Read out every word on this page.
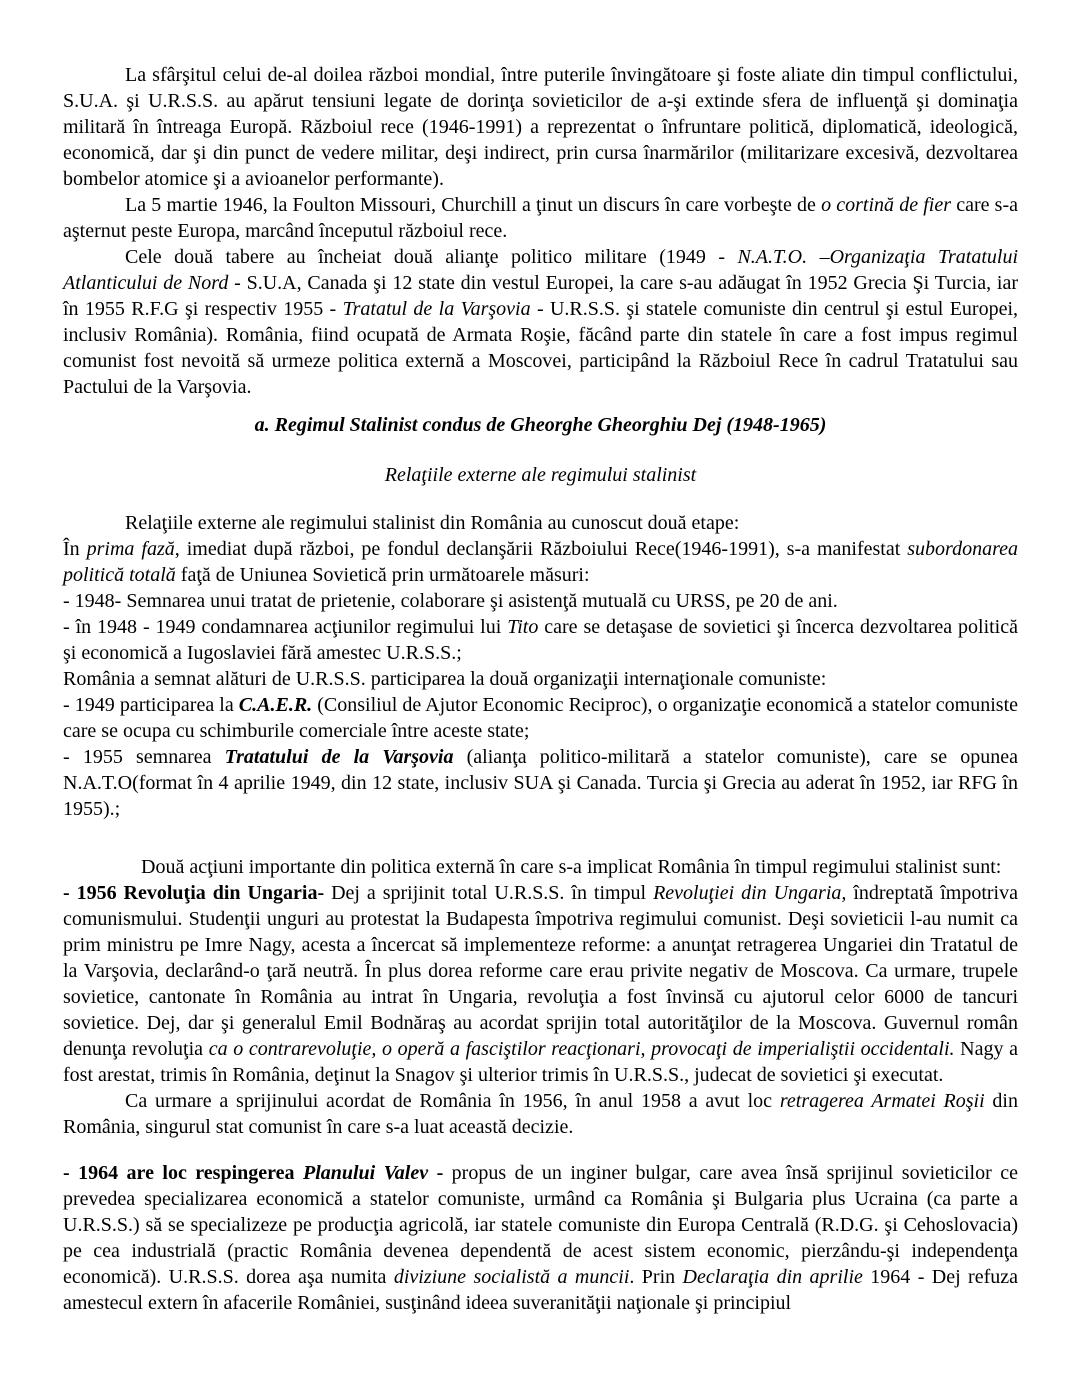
La sfârşitul celui de-al doilea război mondial, între puterile învingătoare şi foste aliate din timpul conflictului, S.U.A. şi U.R.S.S. au apărut tensiuni legate de dorinţa sovieticilor de a-şi extinde sfera de influenţă şi dominaţia militară în întreaga Europă. Războiul rece (1946-1991) a reprezentat o înfruntare politică, diplomatică, ideologică, economică, dar şi din punct de vedere militar, deşi indirect, prin cursa înarmărilor (militarizare excesivă, dezvoltarea bombelor atomice şi a avioanelor performante).

La 5 martie 1946, la Foulton Missouri, Churchill a ţinut un discurs în care vorbeşte de o cortină de fier care s-a aşternut peste Europa, marcând începutul războiul rece.

Cele două tabere au încheiat două alianţe politico militare (1949 - N.A.T.O. –Organizaţia Tratatului Atlanticului de Nord - S.U.A, Canada şi 12 state din vestul Europei, la care s-au adăugat în 1952 Grecia Şi Turcia, iar în 1955 R.F.G şi respectiv 1955 - Tratatul de la Varşovia - U.R.S.S. şi statele comuniste din centrul şi estul Europei, inclusiv România). România, fiind ocupată de Armata Roşie, făcând parte din statele în care a fost impus regimul comunist fost nevoită să urmeze politica externă a Moscovei, participând la Războiul Rece în cadrul Tratatului sau Pactului de la Varşovia.

a. Regimul Stalinist condus de Gheorghe Gheorghiu Dej (1948-1965)

Relaţiile externe ale regimului stalinist

Relaţiile externe ale regimului stalinist din România au cunoscut două etape:

În prima fază, imediat după război, pe fondul declanşării Războiului Rece(1946-1991), s-a manifestat subordonarea politică totală faţă de Uniunea Sovietică prin următoarele măsuri:

- 1948- Semnarea unui tratat de prietenie, colaborare şi asistenţă mutuală cu URSS, pe 20 de ani.

- în 1948 - 1949 condamnarea acţiunilor regimului lui Tito care se detaşase de sovietici şi încerca dezvoltarea politică şi economică a Iugoslaviei fără amestec U.R.S.S.;

România a semnat alături de U.R.S.S. participarea la două organizaţii internaţionale comuniste:

- 1949 participarea la C.A.E.R. (Consiliul de Ajutor Economic Reciproc), o organizaţie economică a statelor comuniste care se ocupa cu schimburile comerciale între aceste state;

- 1955 semnarea Tratatului de la Varşovia (alianţa politico-militară a statelor comuniste), care se opunea N.A.T.O(format în 4 aprilie 1949, din 12 state, inclusiv SUA şi Canada. Turcia şi Grecia au aderat în 1952, iar RFG în 1955).;

Două acţiuni importante din politica externă în care s-a implicat România în timpul regimului stalinist sunt:

- 1956 Revoluţia din Ungaria- Dej a sprijinit total U.R.S.S. în timpul Revoluţiei din Ungaria, îndreptată împotriva comunismului. Studenţii unguri au protestat la Budapesta împotriva regimului comunist. Deşi sovieticii l-au numit ca prim ministru pe Imre Nagy, acesta a încercat să implementeze reforme: a anunţat retragerea Ungariei din Tratatul de la Varşovia, declarând-o ţară neutră. În plus dorea reforme care erau privite negativ de Moscova. Ca urmare, trupele sovietice, cantonate în România au intrat în Ungaria, revoluţia a fost învinsă cu ajutorul celor 6000 de tancuri sovietice. Dej, dar şi generalul Emil Bodnăraş au acordat sprijin total autorităţilor de la Moscova. Guvernul român denunţa revoluţia ca o contrarevoluţie, o operă a fasciştilor reacţionari, provocaţi de imperialiştii occidentali. Nagy a fost arestat, trimis în România, deţinut la Snagov şi ulterior trimis în U.R.S.S., judecat de sovietici şi executat.

Ca urmare a sprijinului acordat de România în 1956, în anul 1958 a avut loc retragerea Armatei Roşii din România, singurul stat comunist în care s-a luat această decizie.

- 1964 are loc respingerea Planului Valev - propus de un inginer bulgar, care avea însă sprijinul sovieticilor ce prevedea specializarea economică a statelor comuniste, urmând ca România şi Bulgaria plus Ucraina (ca parte a U.R.S.S.) să se specializeze pe producţia agricolă, iar statele comuniste din Europa Centrală (R.D.G. şi Cehoslovacia) pe cea industrială (practic România devenea dependentă de acest sistem economic, pierzându-şi independenţa economică). U.R.S.S. dorea aşa numita diviziune socialistă a muncii. Prin Declaraţia din aprilie 1964 - Dej refuza amestecul extern în afacerile României, susţinând ideea suveranităţii naţionale şi principiul
